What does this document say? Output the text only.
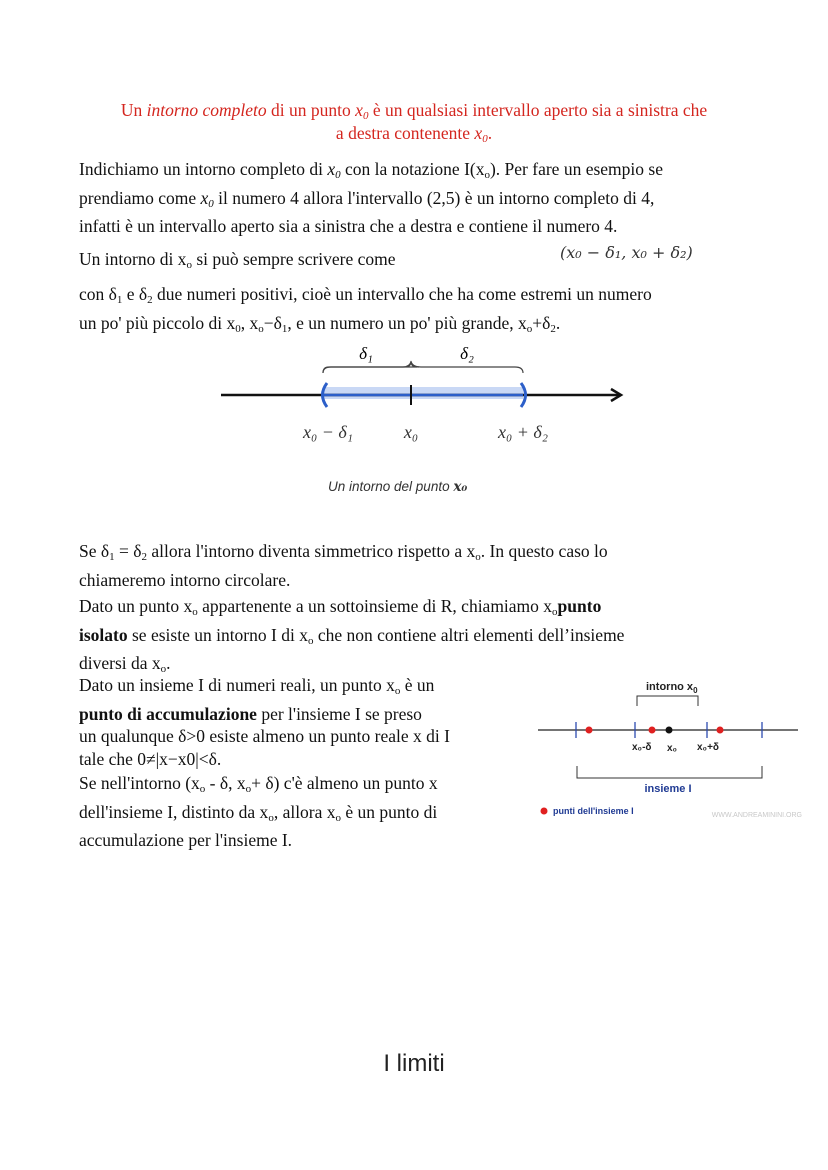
Un intorno completo di un punto $x_0$ è un qualsiasi intervallo aperto sia a sinistra che
a destra contenente $x_0$.
Indichiamo un intorno completo di $x_0$ con la notazione $I(x_o)$. Per fare un esempio se
prendiamo come $x_0$ il numero 4 allora l'intervallo (2,5) è un intorno completo di 4,
infatti è un intervallo aperto sia a sinistra che a destra e contiene il numero 4.
Un intorno di $x_o$ si può sempre scrivere come	(x₀ − δ₁, x₀ + δ₂)
con $\delta_1$ e $\delta_2$ due numeri positivi, cioè un intervallo che ha come estremi un numero
un po' più piccolo di $x_0$, $x_o-\delta_1$, e un numero un po' più grande, $x_o+\delta_2$.
δ₁	δ₂
x₀ − δ₁	x₀	x₀ + δ₂
Un intorno del punto x₀
Se $\delta_1 = \delta_2$ allora l'intorno diventa simmetrico rispetto a $x_o$. In questo caso lo
chiameremo intorno circolare.
Dato un punto $x_o$ appartenente a un sottoinsieme di R, chiamiamo $x_opunto$
isolato se esiste un intorno I di $x_o$ che non contiene altri elementi dell’insieme
diversi da $x_o$.
Dato un insieme I di numeri reali, un punto $x_o$ è un
punto di accumulazione per l'insieme I se preso
un qualunque δ>0 esiste almeno un punto reale x di I
tale che 0≠|x−x0|<δ.
Se nell'intorno ($x_o$ - δ, $x_o+ \delta$) c'è almeno un punto x
dell'insieme I, distinto da $x_o$, allora $x_o$ è un punto di
accumulazione per l'insieme I.
intorno $x_0$
x₀-δ x₀ x₀+δ
insieme I
punti dell'insieme I	WWW.ANDREAMININI.ORG
I limiti
